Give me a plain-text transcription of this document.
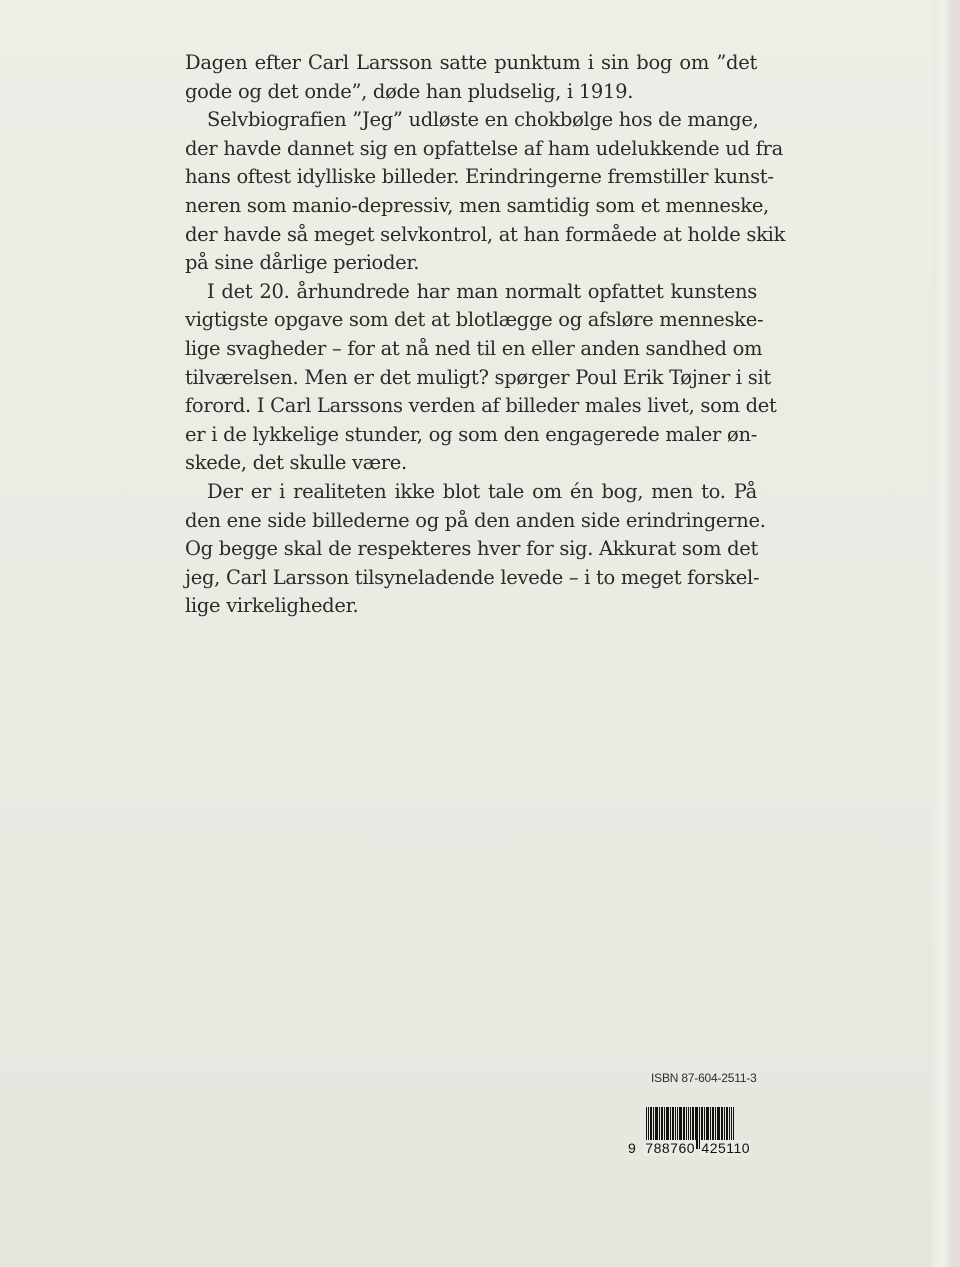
Dagen efter Carl Larsson satte punktum i sin bog om ”det
gode og det onde”, døde han pludselig, i 1919.

Selvbiografien ”Jeg” udløste en chokbølge hos de mange,
der havde dannet sig en opfattelse af ham udelukkende ud fra
hans oftest idylliske billeder. Erindringerne fremstiller kunst-
neren som manio-depressiv, men samtidig som et menneske,
der havde så meget selvkontrol, at han formåede at holde skik
på sine dårlige perioder.

I det 20. århundrede har man normalt opfattet kunstens
vigtigste opgave som det at blotlægge og afsløre menneske-
lige svagheder – for at nå ned til en eller anden sandhed om
tilværelsen. Men er det muligt? spørger Poul Erik Tøjner i sit
forord. I Carl Larssons verden af billeder males livet, som det
er i de lykkelige stunder, og som den engagerede maler øn-
skede, det skulle være.

Der er i realiteten ikke blot tale om én bog, men to. På
den ene side billederne og på den anden side erindringerne.
Og begge skal de respekteres hver for sig. Akkurat som det
jeg, Carl Larsson tilsyneladende levede – i to meget forskel-
lige virkeligheder.

ISBN 87-604-2511-3
9 788760 425110
